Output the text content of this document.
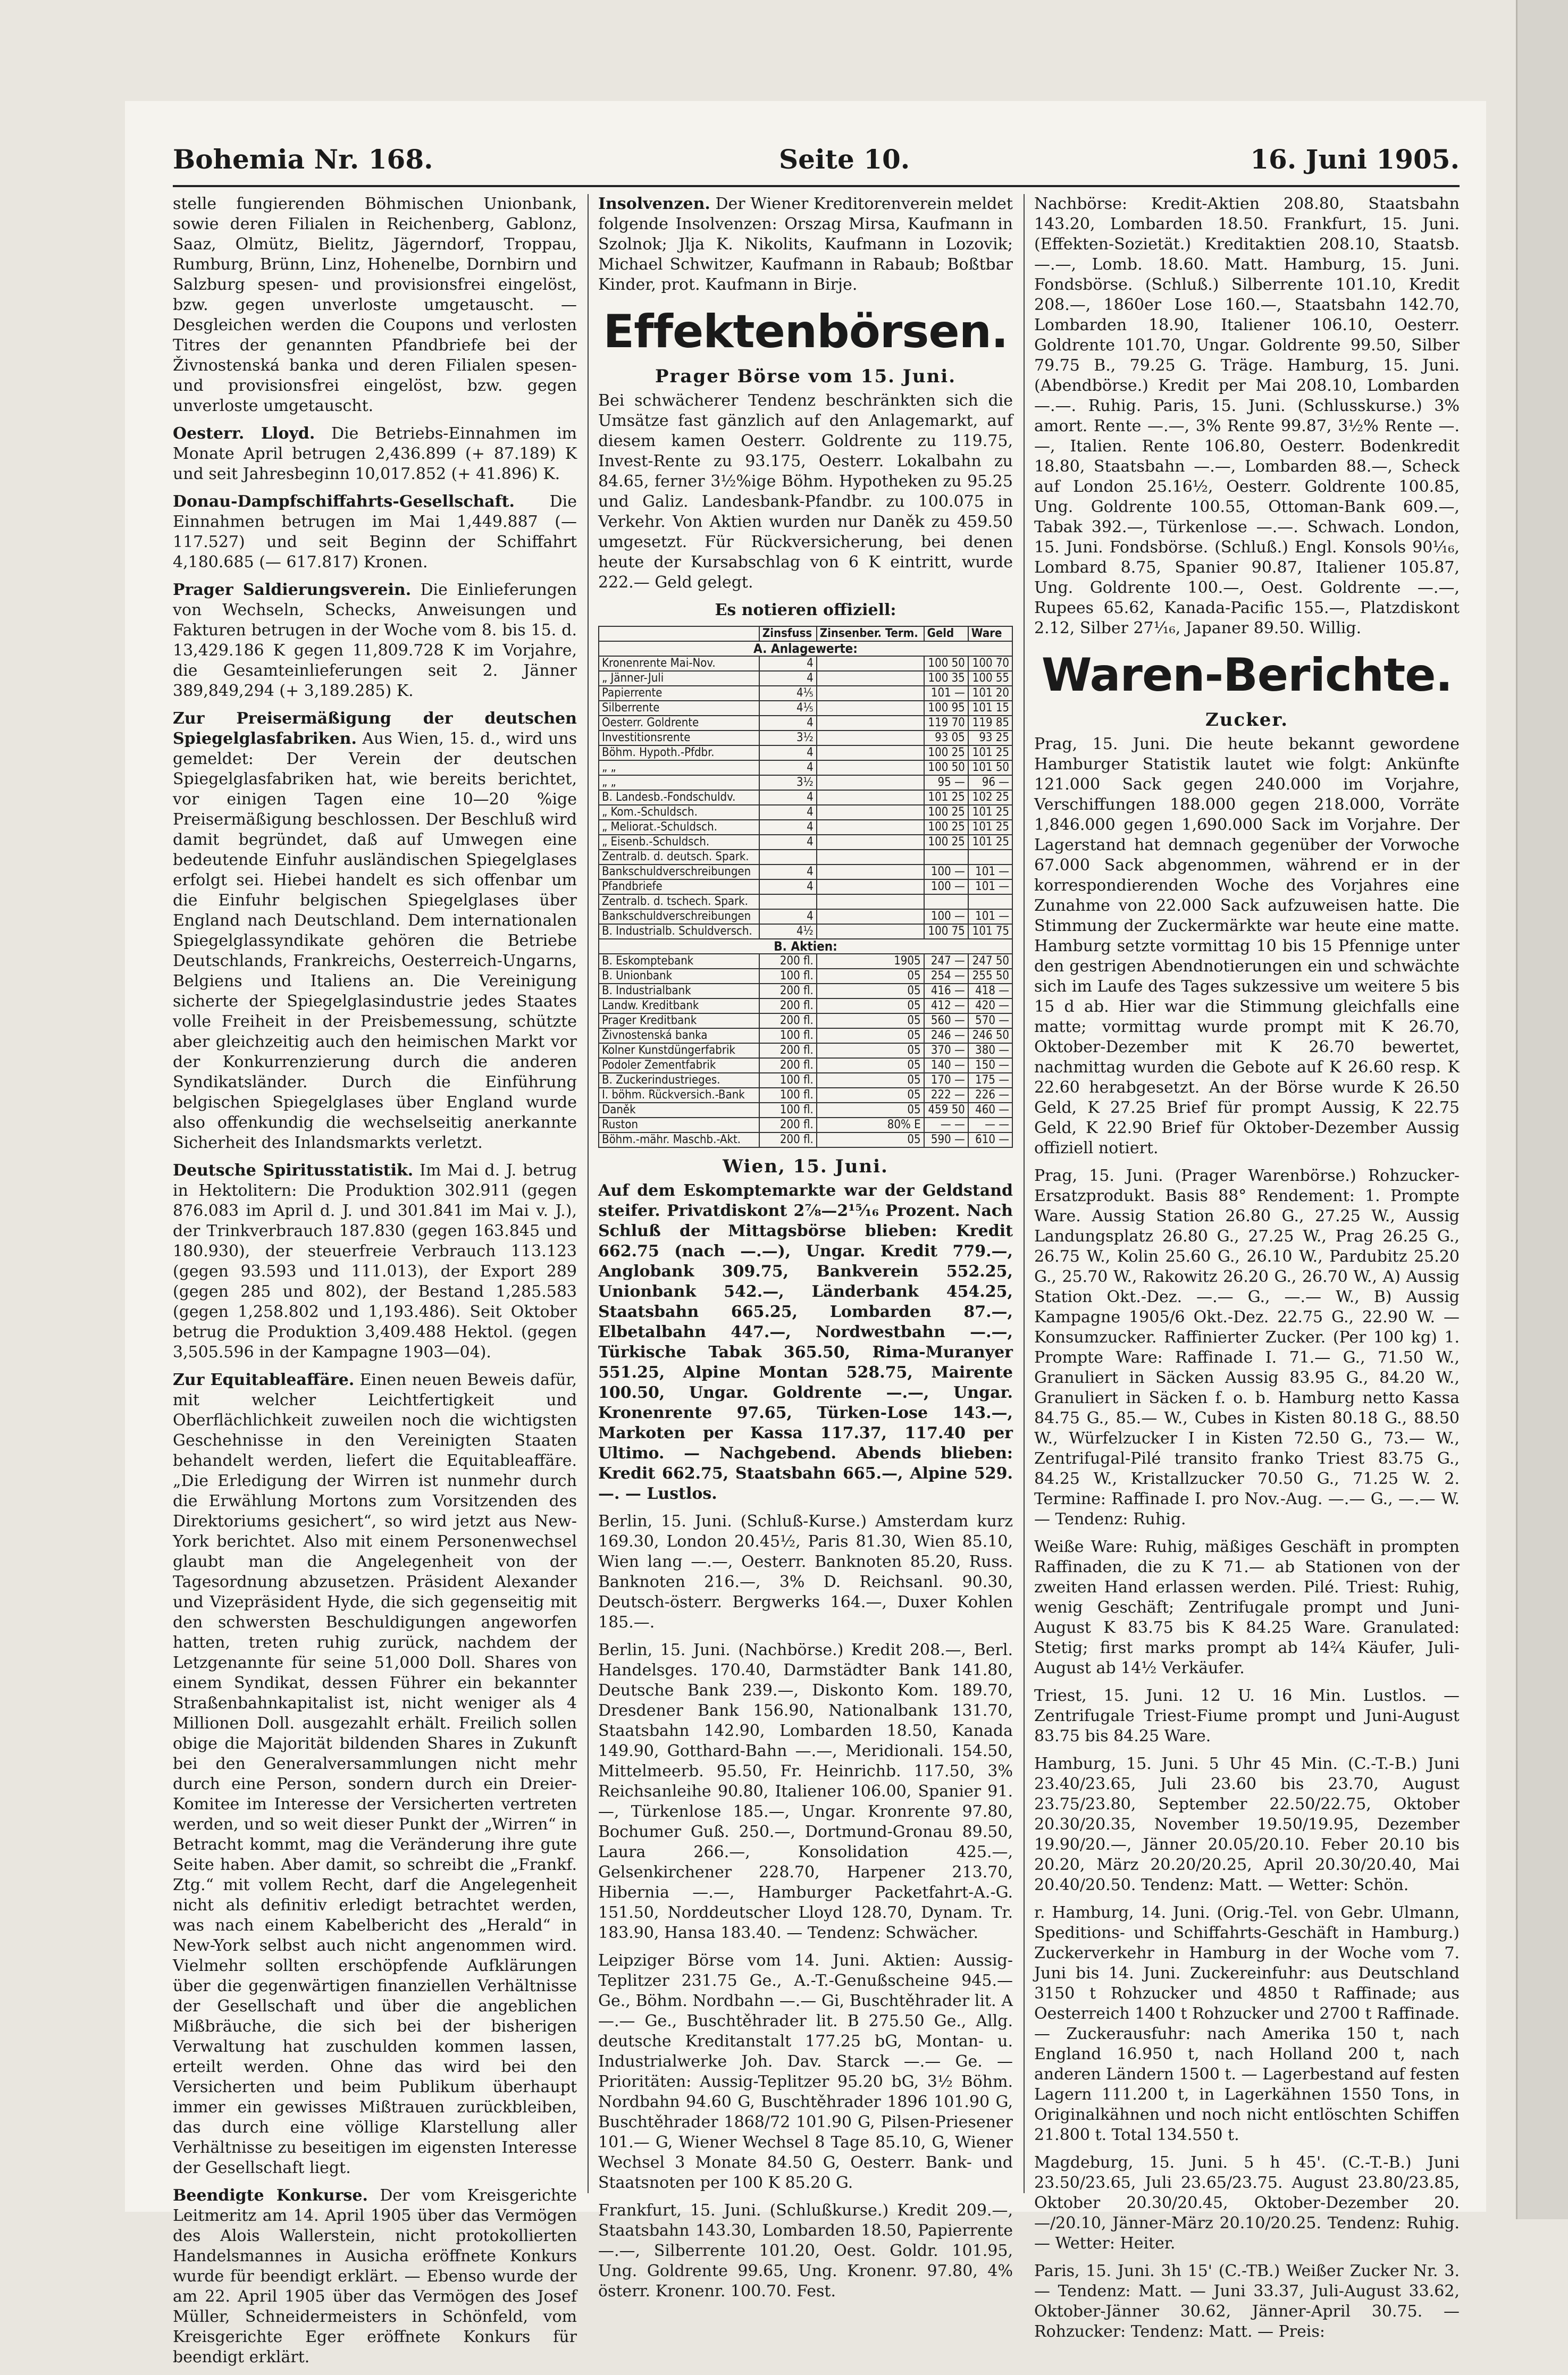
Bohemia Nr. 168.	Seite 10.	16. Juni 1905.

stelle fungierenden Böhmischen Unionbank, sowie deren Filialen in Reichenberg, Gablonz, Saaz, Olmütz, Bielitz, Jägerndorf, Troppau, Rumburg, Brünn, Linz, Hohenelbe, Dornbirn und Salzburg spesen- und provisionsfrei eingelöst, bzw. gegen unverloste umgetauscht. — Desgleichen werden die Coupons und verlosten Titres der genannten Pfandbriefe bei der Živnostenská banka und deren Filialen spesen- und provisionsfrei eingelöst, bzw. gegen unverloste umgetauscht.

Oesterr. Lloyd. Die Betriebs-Einnahmen im Monate April betrugen 2,436.899 (+ 87.189) K und seit Jahresbeginn 10,017.852 (+ 41.896) K.

Donau-Dampfschiffahrts-Gesellschaft. Die Einnahmen betrugen im Mai 1,449.887 (— 117.527) und seit Beginn der Schiffahrt 4,180.685 (— 617.817) Kronen.

Prager Saldierungsverein. Die Einlieferungen von Wechseln, Schecks, Anweisungen und Fakturen betrugen in der Woche vom 8. bis 15. d. 13,429.186 K gegen 11,809.728 K im Vorjahre, die Gesamteinlieferungen seit 2. Jänner 389,849,294 (+ 3,189.285) K.

Zur Preisermäßigung der deutschen Spiegelglasfabriken. Aus Wien, 15. d., wird uns gemeldet: Der Verein der deutschen Spiegelglasfabriken hat, wie bereits berichtet, vor einigen Tagen eine 10—20 %ige Preisermäßigung beschlossen. Der Beschluß wird damit begründet, daß auf Umwegen eine bedeutende Einfuhr ausländischen Spiegelglases erfolgt sei. Hiebei handelt es sich offenbar um die Einfuhr belgischen Spiegelglases über England nach Deutschland. Dem internationalen Spiegelglassyndikate gehören die Betriebe Deutschlands, Frankreichs, Oesterreich-Ungarns, Belgiens und Italiens an. Die Vereinigung sicherte der Spiegelglasindustrie jedes Staates volle Freiheit in der Preisbemessung, schützte aber gleichzeitig auch den heimischen Markt vor der Konkurrenzierung durch die anderen Syndikatsländer. Durch die Einführung belgischen Spiegelglases über England wurde also offenkundig die wechselseitig anerkannte Sicherheit des Inlandsmarkts verletzt.

Deutsche Spiritusstatistik. Im Mai d. J. betrug in Hektolitern: Die Produktion 302.911 (gegen 876.083 im April d. J. und 301.841 im Mai v. J.), der Trinkverbrauch 187.830 (gegen 163.845 und 180.930), der steuerfreie Verbrauch 113.123 (gegen 93.593 und 111.013), der Export 289 (gegen 285 und 802), der Bestand 1,285.583 (gegen 1,258.802 und 1,193.486). Seit Oktober betrug die Produktion 3,409.488 Hektol. (gegen 3,505.596 in der Kampagne 1903—04).

Zur Equitableaffäre. Einen neuen Beweis dafür, mit welcher Leichtfertigkeit und Oberflächlichkeit zuweilen noch die wichtigsten Geschehnisse in den Vereinigten Staaten behandelt werden, liefert die Equitableaffäre. „Die Erledigung der Wirren ist nunmehr durch die Erwählung Mortons zum Vorsitzenden des Direktoriums gesichert“, so wird jetzt aus New-York berichtet. Also mit einem Personenwechsel glaubt man die Angelegenheit von der Tagesordnung abzusetzen. Präsident Alexander und Vizepräsident Hyde, die sich gegenseitig mit den schwersten Beschuldigungen angeworfen hatten, treten ruhig zurück, nachdem der Letzgenannte für seine 51,000 Doll. Shares von einem Syndikat, dessen Führer ein bekannter Straßenbahnkapitalist ist, nicht weniger als 4 Millionen Doll. ausgezahlt erhält. Freilich sollen obige die Majorität bildenden Shares in Zukunft bei den Generalversammlungen nicht mehr durch eine Person, sondern durch ein Dreier-Komitee im Interesse der Versicherten vertreten werden, und so weit dieser Punkt der „Wirren“ in Betracht kommt, mag die Veränderung ihre gute Seite haben. Aber damit, so schreibt die „Frankf. Ztg.“ mit vollem Recht, darf die Angelegenheit nicht als definitiv erledigt betrachtet werden, was nach einem Kabelbericht des „Herald“ in New-York selbst auch nicht angenommen wird. Vielmehr sollten erschöpfende Aufklärungen über die gegenwärtigen finanziellen Verhältnisse der Gesellschaft und über die angeblichen Mißbräuche, die sich bei der bisherigen Verwaltung hat zuschulden kommen lassen, erteilt werden. Ohne das wird bei den Versicherten und beim Publikum überhaupt immer ein gewisses Mißtrauen zurückbleiben, das durch eine völlige Klarstellung aller Verhältnisse zu beseitigen im eigensten Interesse der Gesellschaft liegt.

Beendigte Konkurse. Der vom Kreisgerichte Leitmeritz am 14. April 1905 über das Vermögen des Alois Wallerstein, nicht protokollierten Handelsmannes in Ausicha eröffnete Konkurs wurde für beendigt erklärt. — Ebenso wurde der am 22. April 1905 über das Vermögen des Josef Müller, Schneidermeisters in Schönfeld, vom Kreisgerichte Eger eröffnete Konkurs für beendigt erklärt.

Insolvenzen. Der Wiener Kreditorenverein meldet folgende Insolvenzen: Orszag Mirsa, Kaufmann in Szolnok; Jlja K. Nikolits, Kaufmann in Lozovik; Michael Schwitzer, Kaufmann in Rabaub; Boßtbar Kinder, prot. Kaufmann in Birje.

Effektenbörsen.
Prager Börse vom 15. Juni.

Bei schwächerer Tendenz beschränkten sich die Umsätze fast gänzlich auf den Anlagemarkt, auf diesem kamen Oesterr. Goldrente zu 119.75, Invest-Rente zu 93.175, Oesterr. Lokalbahn zu 84.65, ferner 3½%ige Böhm. Hypotheken zu 95.25 und Galiz. Landesbank-Pfandbr. zu 100.075 in Verkehr. Von Aktien wurden nur Daněk zu 459.50 umgesetzt. Für Rückversicherung, bei denen heute der Kursabschlag von 6 K eintritt, wurde 222.— Geld gelegt.

Es notieren offiziell:
	Zinsfuss	Zinsenber. Term.	Geld	Ware
A. Anlagewerte:				
Kronenrente Mai-Nov.	4		100 50	100 70
„ Jänner-Juli	4		100 35	100 55
Papierrente	4⅕		101 —	101 20
Silberrente	4⅕		100 95	101 15
Oesterr. Goldrente	4		119 70	119 85
Investitionsrente	3½		93 05	93 25
Böhm. Hypoth.-Pfdbr.	4		100 25	101 25
„ „	4		100 50	101 50
„ „	3½		95 —	96 —
B. Landesb.-Fondschuldv.	4		101 25	102 25
„ Kom.-Schuldsch.	4		100 25	101 25
„ Meliorat.-Schuldsch.	4		100 25	101 25
„ Eisenb.-Schuldsch.	4		100 25	101 25
Zentralb. d. deutsch. Spark.				
Bankschuldverschreibungen	4		100 —	101 —
Pfandbriefe	4		100 —	101 —
Zentralb. d. tschech. Spark.				
Bankschuldverschreibungen	4		100 —	101 —
B. Industrialb. Schuldversch.	4½		100 75	101 75
B. Aktien:				
B. Eskomptebank	200 fl.	1905	247 —	247 50
B. Unionbank	100 fl.	05	254 —	255 50
B. Industrialbank	200 fl.	05	416 —	418 —
Landw. Kreditbank	200 fl.	05	412 —	420 —
Prager Kreditbank	200 fl.	05	560 —	570 —
Živnostenská banka	100 fl.	05	246 —	246 50
Kolner Kunstdüngerfabrik	200 fl.	05	370 —	380 —
Podoler Zementfabrik	200 fl.	05	140 —	150 —
B. Zuckerindustrieges.	100 fl.	05	170 —	175 —
I. böhm. Rückversich.-Bank	100 fl.	05	222 —	226 —
Daněk	100 fl.	05	459 50	460 —
Ruston	200 fl.	80% E	— —	— —
Böhm.-mähr. Maschb.-Akt.	200 fl.	05	590 —	610 —
Wien, 15. Juni.

Auf dem Eskomptemarkte war der Geldstand steifer. Privatdiskont 2⅞—2¹⁵⁄₁₆ Prozent. Nach Schluß der Mittagsbörse blieben: Kredit 662.75 (nach —.—), Ungar. Kredit 779.—, Anglobank 309.75, Bankverein 552.25, Unionbank 542.—, Länderbank 454.25, Staatsbahn 665.25, Lombarden 87.—, Elbetalbahn 447.—, Nordwestbahn —.—, Türkische Tabak 365.50, Rima-Muranyer 551.25, Alpine Montan 528.75, Mairente 100.50, Ungar. Goldrente —.—, Ungar. Kronenrente 97.65, Türken-Lose 143.—, Markoten per Kassa 117.37, 117.40 per Ultimo. — Nachgebend. Abends blieben: Kredit 662.75, Staatsbahn 665.—, Alpine 529.—. — Lustlos.

Berlin, 15. Juni. (Schluß-Kurse.) Amsterdam kurz 169.30, London 20.45½, Paris 81.30, Wien 85.10, Wien lang —.—, Oesterr. Banknoten 85.20, Russ. Banknoten 216.—, 3% D. Reichsanl. 90.30, Deutsch-österr. Bergwerks 164.—, Duxer Kohlen 185.—.

Berlin, 15. Juni. (Nachbörse.) Kredit 208.—, Berl. Handelsges. 170.40, Darmstädter Bank 141.80, Deutsche Bank 239.—, Diskonto Kom. 189.70, Dresdener Bank 156.90, Nationalbank 131.70, Staatsbahn 142.90, Lombarden 18.50, Kanada 149.90, Gotthard-Bahn —.—, Meridionali. 154.50, Mittelmeerb. 95.50, Fr. Heinrichb. 117.50, 3% Reichsanleihe 90.80, Italiener 106.00, Spanier 91.—, Türkenlose 185.—, Ungar. Kronrente 97.80, Bochumer Guß. 250.—, Dortmund-Gronau 89.50, Laura 266.—, Konsolidation 425.—, Gelsenkirchener 228.70, Harpener 213.70, Hibernia —.—, Hamburger Packetfahrt-A.-G. 151.50, Norddeutscher Lloyd 128.70, Dynam. Tr. 183.90, Hansa 183.40. — Tendenz: Schwächer.

Leipziger Börse vom 14. Juni. Aktien: Aussig-Teplitzer 231.75 Ge., A.-T.-Genußscheine 945.— Ge., Böhm. Nordbahn —.— Gi, Buschtěhrader lit. A —.— Ge., Buschtěhrader lit. B 275.50 Ge., Allg. deutsche Kreditanstalt 177.25 bG, Montan- u. Industrialwerke Joh. Dav. Starck —.— Ge. — Prioritäten: Aussig-Teplitzer 95.20 bG, 3½ Böhm. Nordbahn 94.60 G, Buschtěhrader 1896 101.90 G, Buschtěhrader 1868/72 101.90 G, Pilsen-Priesener 101.— G, Wiener Wechsel 8 Tage 85.10, G, Wiener Wechsel 3 Monate 84.50 G, Oesterr. Bank- und Staatsnoten per 100 K 85.20 G.

Frankfurt, 15. Juni. (Schlußkurse.) Kredit 209.—, Staatsbahn 143.30, Lombarden 18.50, Papierrente —.—, Silberrente 101.20, Oest. Goldr. 101.95, Ung. Goldrente 99.65, Ung. Kronenr. 97.80, 4% österr. Kronenr. 100.70. Fest.

Nachbörse: Kredit-Aktien 208.80, Staatsbahn 143.20, Lombarden 18.50. Frankfurt, 15. Juni. (Effekten-Sozietät.) Kreditaktien 208.10, Staatsb. —.—, Lomb. 18.60. Matt. Hamburg, 15. Juni. Fondsbörse. (Schluß.) Silberrente 101.10, Kredit 208.—, 1860er Lose 160.—, Staatsbahn 142.70, Lombarden 18.90, Italiener 106.10, Oesterr. Goldrente 101.70, Ungar. Goldrente 99.50, Silber 79.75 B., 79.25 G. Träge. Hamburg, 15. Juni. (Abendbörse.) Kredit per Mai 208.10, Lombarden —.—. Ruhig. Paris, 15. Juni. (Schlusskurse.) 3% amort. Rente —.—, 3% Rente 99.87, 3½% Rente —.—, Italien. Rente 106.80, Oesterr. Bodenkredit 18.80, Staatsbahn —.—, Lombarden 88.—, Scheck auf London 25.16½, Oesterr. Goldrente 100.85, Ung. Goldrente 100.55, Ottoman-Bank 609.—, Tabak 392.—, Türkenlose —.—. Schwach. London, 15. Juni. Fondsbörse. (Schluß.) Engl. Konsols 90¹⁄₁₆, Lombard 8.75, Spanier 90.87, Italiener 105.87, Ung. Goldrente 100.—, Oest. Goldrente —.—, Rupees 65.62, Kanada-Pacific 155.—, Platzdiskont 2.12, Silber 27¹⁄₁₆, Japaner 89.50. Willig.

Waren-Berichte.
Zucker.

Prag, 15. Juni. Die heute bekannt gewordene Hamburger Statistik lautet wie folgt: Ankünfte 121.000 Sack gegen 240.000 im Vorjahre, Verschiffungen 188.000 gegen 218.000, Vorräte 1,846.000 gegen 1,690.000 Sack im Vorjahre. Der Lagerstand hat demnach gegenüber der Vorwoche 67.000 Sack abgenommen, während er in der korrespondierenden Woche des Vorjahres eine Zunahme von 22.000 Sack aufzuweisen hatte. Die Stimmung der Zuckermärkte war heute eine matte. Hamburg setzte vormittag 10 bis 15 Pfennige unter den gestrigen Abendnotierungen ein und schwächte sich im Laufe des Tages sukzessive um weitere 5 bis 15 d ab. Hier war die Stimmung gleichfalls eine matte; vormittag wurde prompt mit K 26.70, Oktober-Dezember mit K 26.70 bewertet, nachmittag wurden die Gebote auf K 26.60 resp. K 22.60 herabgesetzt. An der Börse wurde K 26.50 Geld, K 27.25 Brief für prompt Aussig, K 22.75 Geld, K 22.90 Brief für Oktober-Dezember Aussig offiziell notiert.

Prag, 15. Juni. (Prager Warenbörse.) Rohzucker-Ersatzprodukt. Basis 88° Rendement: 1. Prompte Ware. Aussig Station 26.80 G., 27.25 W., Aussig Landungsplatz 26.80 G., 27.25 W., Prag 26.25 G., 26.75 W., Kolin 25.60 G., 26.10 W., Pardubitz 25.20 G., 25.70 W., Rakowitz 26.20 G., 26.70 W., A) Aussig Station Okt.-Dez. —.— G., —.— W., B) Aussig Kampagne 1905/6 Okt.-Dez. 22.75 G., 22.90 W. — Konsumzucker. Raffinierter Zucker. (Per 100 kg) 1. Prompte Ware: Raffinade I. 71.— G., 71.50 W., Granuliert in Säcken Aussig 83.95 G., 84.20 W., Granuliert in Säcken f. o. b. Hamburg netto Kassa 84.75 G., 85.— W., Cubes in Kisten 80.18 G., 88.50 W., Würfelzucker I in Kisten 72.50 G., 73.— W., Zentrifugal-Pilé transito franko Triest 83.75 G., 84.25 W., Kristallzucker 70.50 G., 71.25 W. 2. Termine: Raffinade I. pro Nov.-Aug. —.— G., —.— W. — Tendenz: Ruhig.

Weiße Ware: Ruhig, mäßiges Geschäft in prompten Raffinaden, die zu K 71.— ab Stationen von der zweiten Hand erlassen werden. Pilé. Triest: Ruhig, wenig Geschäft; Zentrifugale prompt und Juni-August K 83.75 bis K 84.25 Ware. Granulated: Stetig; first marks prompt ab 14²⁄₄ Käufer, Juli-August ab 14¹⁄₂ Verkäufer.

Triest, 15. Juni. 12 U. 16 Min. Lustlos. — Zentrifugale Triest-Fiume prompt und Juni-August 83.75 bis 84.25 Ware.

Hamburg, 15. Juni. 5 Uhr 45 Min. (C.-T.-B.) Juni 23.40/23.65, Juli 23.60 bis 23.70, August 23.75/23.80, September 22.50/22.75, Oktober 20.30/20.35, November 19.50/19.95, Dezember 19.90/20.—, Jänner 20.05/20.10. Feber 20.10 bis 20.20, März 20.20/20.25, April 20.30/20.40, Mai 20.40/20.50. Tendenz: Matt. — Wetter: Schön.

r. Hamburg, 14. Juni. (Orig.-Tel. von Gebr. Ulmann, Speditions- und Schiffahrts-Geschäft in Hamburg.) Zuckerverkehr in Hamburg in der Woche vom 7. Juni bis 14. Juni. Zuckereinfuhr: aus Deutschland 3150 t Rohzucker und 4850 t Raffinade; aus Oesterreich 1400 t Rohzucker und 2700 t Raffinade. — Zuckerausfuhr: nach Amerika 150 t, nach England 16.950 t, nach Holland 200 t, nach anderen Ländern 1500 t. — Lagerbestand auf festen Lagern 111.200 t, in Lagerkähnen 1550 Tons, in Originalkähnen und noch nicht entlöschten Schiffen 21.800 t. Total 134.550 t.

Magdeburg, 15. Juni. 5 h 45'. (C.-T.-B.) Juni 23.50/23.65, Juli 23.65/23.75. August 23.80/23.85, Oktober 20.30/20.45, Oktober-Dezember 20.—/20.10, Jänner-März 20.10/20.25. Tendenz: Ruhig. — Wetter: Heiter.

Paris, 15. Juni. 3h 15' (C.-TB.) Weißer Zucker Nr. 3. — Tendenz: Matt. — Juni 33.37, Juli-August 33.62, Oktober-Jänner 30.62, Jänner-April 30.75. — Rohzucker: Tendenz: Matt. — Preis:
